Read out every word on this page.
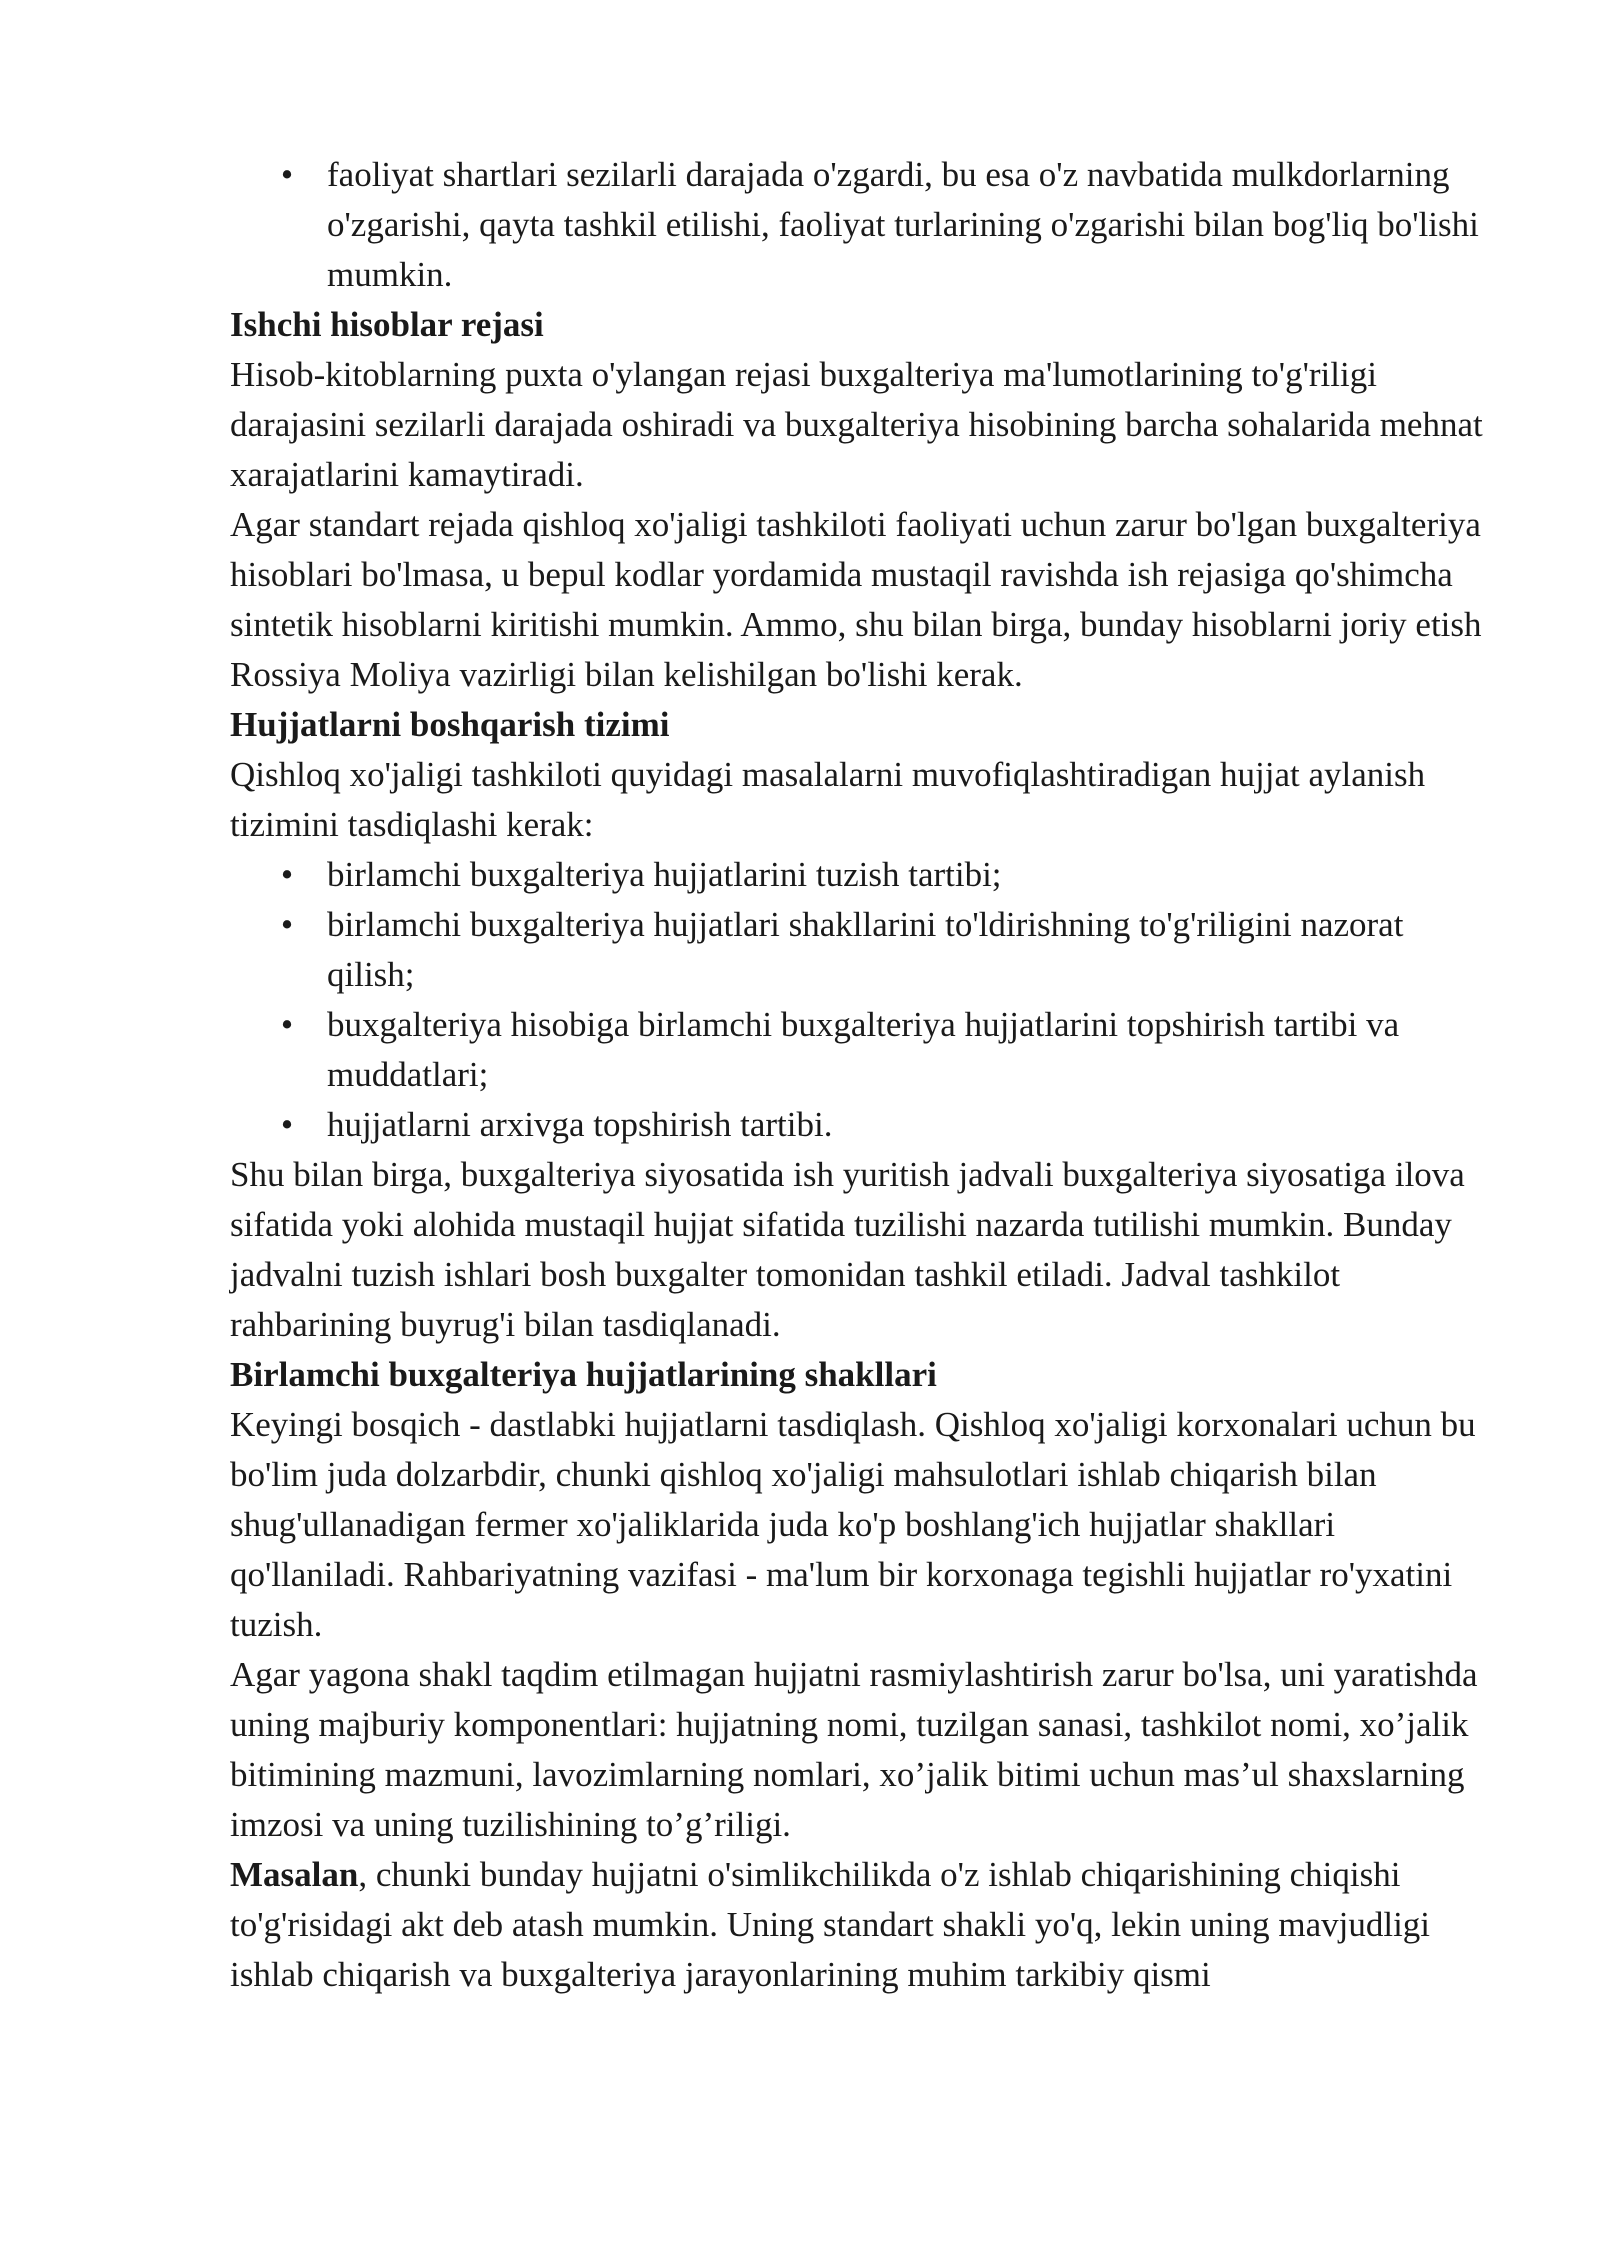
• faoliyat shartlari sezilarli darajada o'zgardi, bu esa o'z navbatida mulkdorlarning o'zgarishi, qayta tashkil etilishi, faoliyat turlarining o'zgarishi bilan bog'liq bo'lishi mumkin.
Ishchi hisoblar rejasi

Hisob-kitoblarning puxta o'ylangan rejasi buxgalteriya ma'lumotlarining to'g'riligi darajasini sezilarli darajada oshiradi va buxgalteriya hisobining barcha sohalarida mehnat xarajatlarini kamaytiradi.

Agar standart rejada qishloq xo'jaligi tashkiloti faoliyati uchun zarur bo'lgan buxgalteriya hisoblari bo'lmasa, u bepul kodlar yordamida mustaqil ravishda ish rejasiga qo'shimcha sintetik hisoblarni kiritishi mumkin. Ammo, shu bilan birga, bunday hisoblarni joriy etish Rossiya Moliya vazirligi bilan kelishilgan bo'lishi kerak.

Hujjatlarni boshqarish tizimi

Qishloq xo'jaligi tashkiloti quyidagi masalalarni muvofiqlashtiradigan hujjat aylanish tizimini tasdiqlashi kerak:

• birlamchi buxgalteriya hujjatlarini tuzish tartibi;
• birlamchi buxgalteriya hujjatlari shakllarini to'ldirishning to'g'riligini nazorat qilish;
• buxgalteriya hisobiga birlamchi buxgalteriya hujjatlarini topshirish tartibi va muddatlari;
• hujjatlarni arxivga topshirish tartibi.

Shu bilan birga, buxgalteriya siyosatida ish yuritish jadvali buxgalteriya siyosatiga ilova sifatida yoki alohida mustaqil hujjat sifatida tuzilishi nazarda tutilishi mumkin. Bunday jadvalni tuzish ishlari bosh buxgalter tomonidan tashkil etiladi. Jadval tashkilot rahbarining buyrug'i bilan tasdiqlanadi.

Birlamchi buxgalteriya hujjatlarining shakllari

Keyingi bosqich - dastlabki hujjatlarni tasdiqlash. Qishloq xo'jaligi korxonalari uchun bu bo'lim juda dolzarbdir, chunki qishloq xo'jaligi mahsulotlari ishlab chiqarish bilan shug'ullanadigan fermer xo'jaliklarida juda ko'p boshlang'ich hujjatlar shakllari qo'llaniladi. Rahbariyatning vazifasi - ma'lum bir korxonaga tegishli hujjatlar ro'yxatini tuzish.

Agar yagona shakl taqdim etilmagan hujjatni rasmiylashtirish zarur bo'lsa, uni yaratishda uning majburiy komponentlari: hujjatning nomi, tuzilgan sanasi, tashkilot nomi, xo’jalik bitimining mazmuni, lavozimlarning nomlari, xo’jalik bitimi uchun mas’ul shaxslarning imzosi va uning tuzilishining to’g’riligi.

Masalan, chunki bunday hujjatni o'simlikchilikda o'z ishlab chiqarishining chiqishi to'g'risidagi akt deb atash mumkin. Uning standart shakli yo'q, lekin uning mavjudligi ishlab chiqarish va buxgalteriya jarayonlarining muhim tarkibiy qismi
